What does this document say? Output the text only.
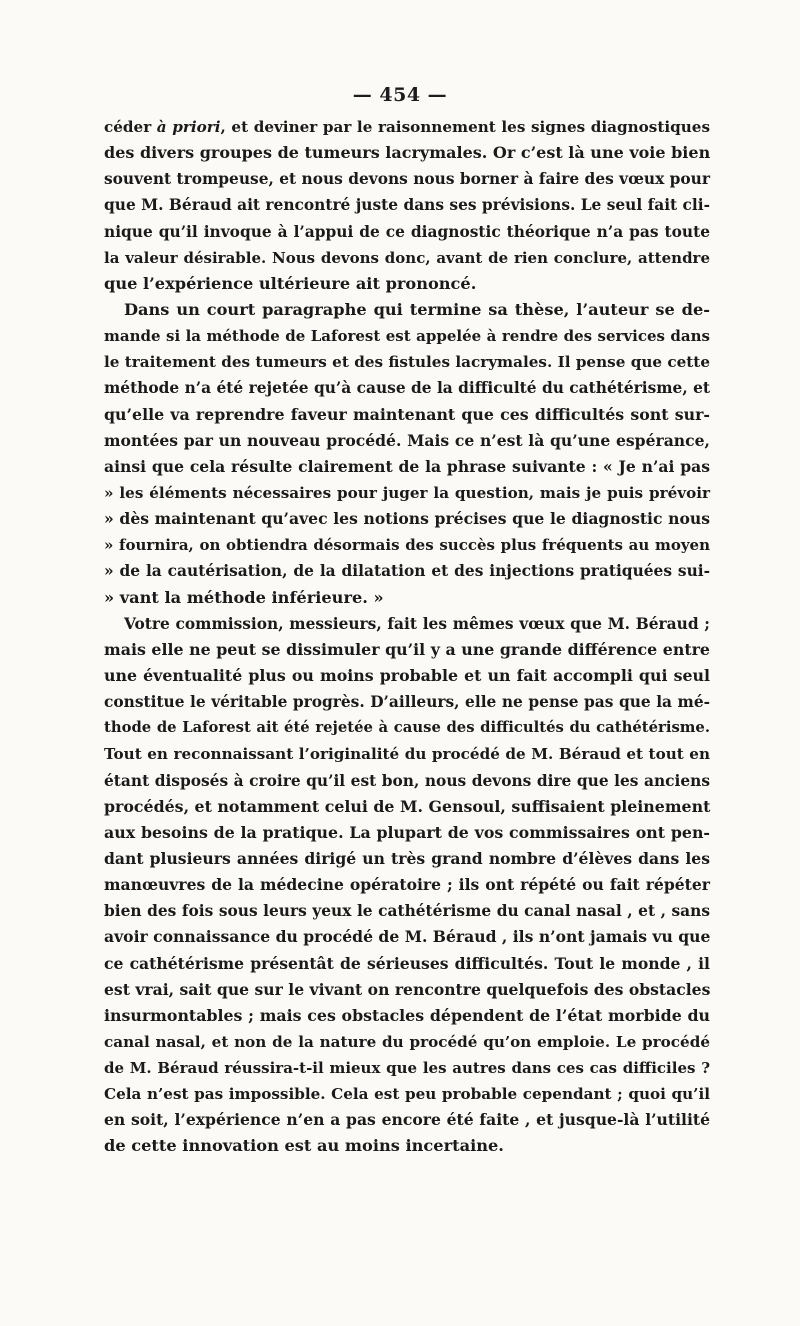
— 454 —
céder à priori, et deviner par le raisonnement les signes diagnostiques
des divers groupes de tumeurs lacrymales. Or c’est là une voie bien
souvent trompeuse, et nous devons nous borner à faire des vœux pour
que M. Béraud ait rencontré juste dans ses prévisions. Le seul fait cli-
nique qu’il invoque à l’appui de ce diagnostic théorique n’a pas toute
la valeur désirable. Nous devons donc, avant de rien conclure, attendre
que l’expérience ultérieure ait prononcé.
Dans un court paragraphe qui termine sa thèse, l’auteur se de-
mande si la méthode de Laforest est appelée à rendre des services dans
le traitement des tumeurs et des fistules lacrymales. Il pense que cette
méthode n’a été rejetée qu’à cause de la difficulté du cathétérisme, et
qu’elle va reprendre faveur maintenant que ces difficultés sont sur-
montées par un nouveau procédé. Mais ce n’est là qu’une espérance,
ainsi que cela résulte clairement de la phrase suivante : « Je n’ai pas
» les éléments nécessaires pour juger la question, mais je puis prévoir
» dès maintenant qu’avec les notions précises que le diagnostic nous
» fournira, on obtiendra désormais des succès plus fréquents au moyen
» de la cautérisation, de la dilatation et des injections pratiquées sui-
» vant la méthode inférieure. »
Votre commission, messieurs, fait les mêmes vœux que M. Béraud ;
mais elle ne peut se dissimuler qu’il y a une grande différence entre
une éventualité plus ou moins probable et un fait accompli qui seul
constitue le véritable progrès. D’ailleurs, elle ne pense pas que la mé-
thode de Laforest ait été rejetée à cause des difficultés du cathétérisme.
Tout en reconnaissant l’originalité du procédé de M. Béraud et tout en
étant disposés à croire qu’il est bon, nous devons dire que les anciens
procédés, et notamment celui de M. Gensoul, suffisaient pleinement
aux besoins de la pratique. La plupart de vos commissaires ont pen-
dant plusieurs années dirigé un très grand nombre d’élèves dans les
manœuvres de la médecine opératoire ; ils ont répété ou fait répéter
bien des fois sous leurs yeux le cathétérisme du canal nasal , et , sans
avoir connaissance du procédé de M. Béraud , ils n’ont jamais vu que
ce cathétérisme présentât de sérieuses difficultés. Tout le monde , il
est vrai, sait que sur le vivant on rencontre quelquefois des obstacles
insurmontables ; mais ces obstacles dépendent de l’état morbide du
canal nasal, et non de la nature du procédé qu’on emploie. Le procédé
de M. Béraud réussira-t-il mieux que les autres dans ces cas difficiles ?
Cela n’est pas impossible. Cela est peu probable cependant ; quoi qu’il
en soit, l’expérience n’en a pas encore été faite , et jusque-là l’utilité
de cette innovation est au moins incertaine.
